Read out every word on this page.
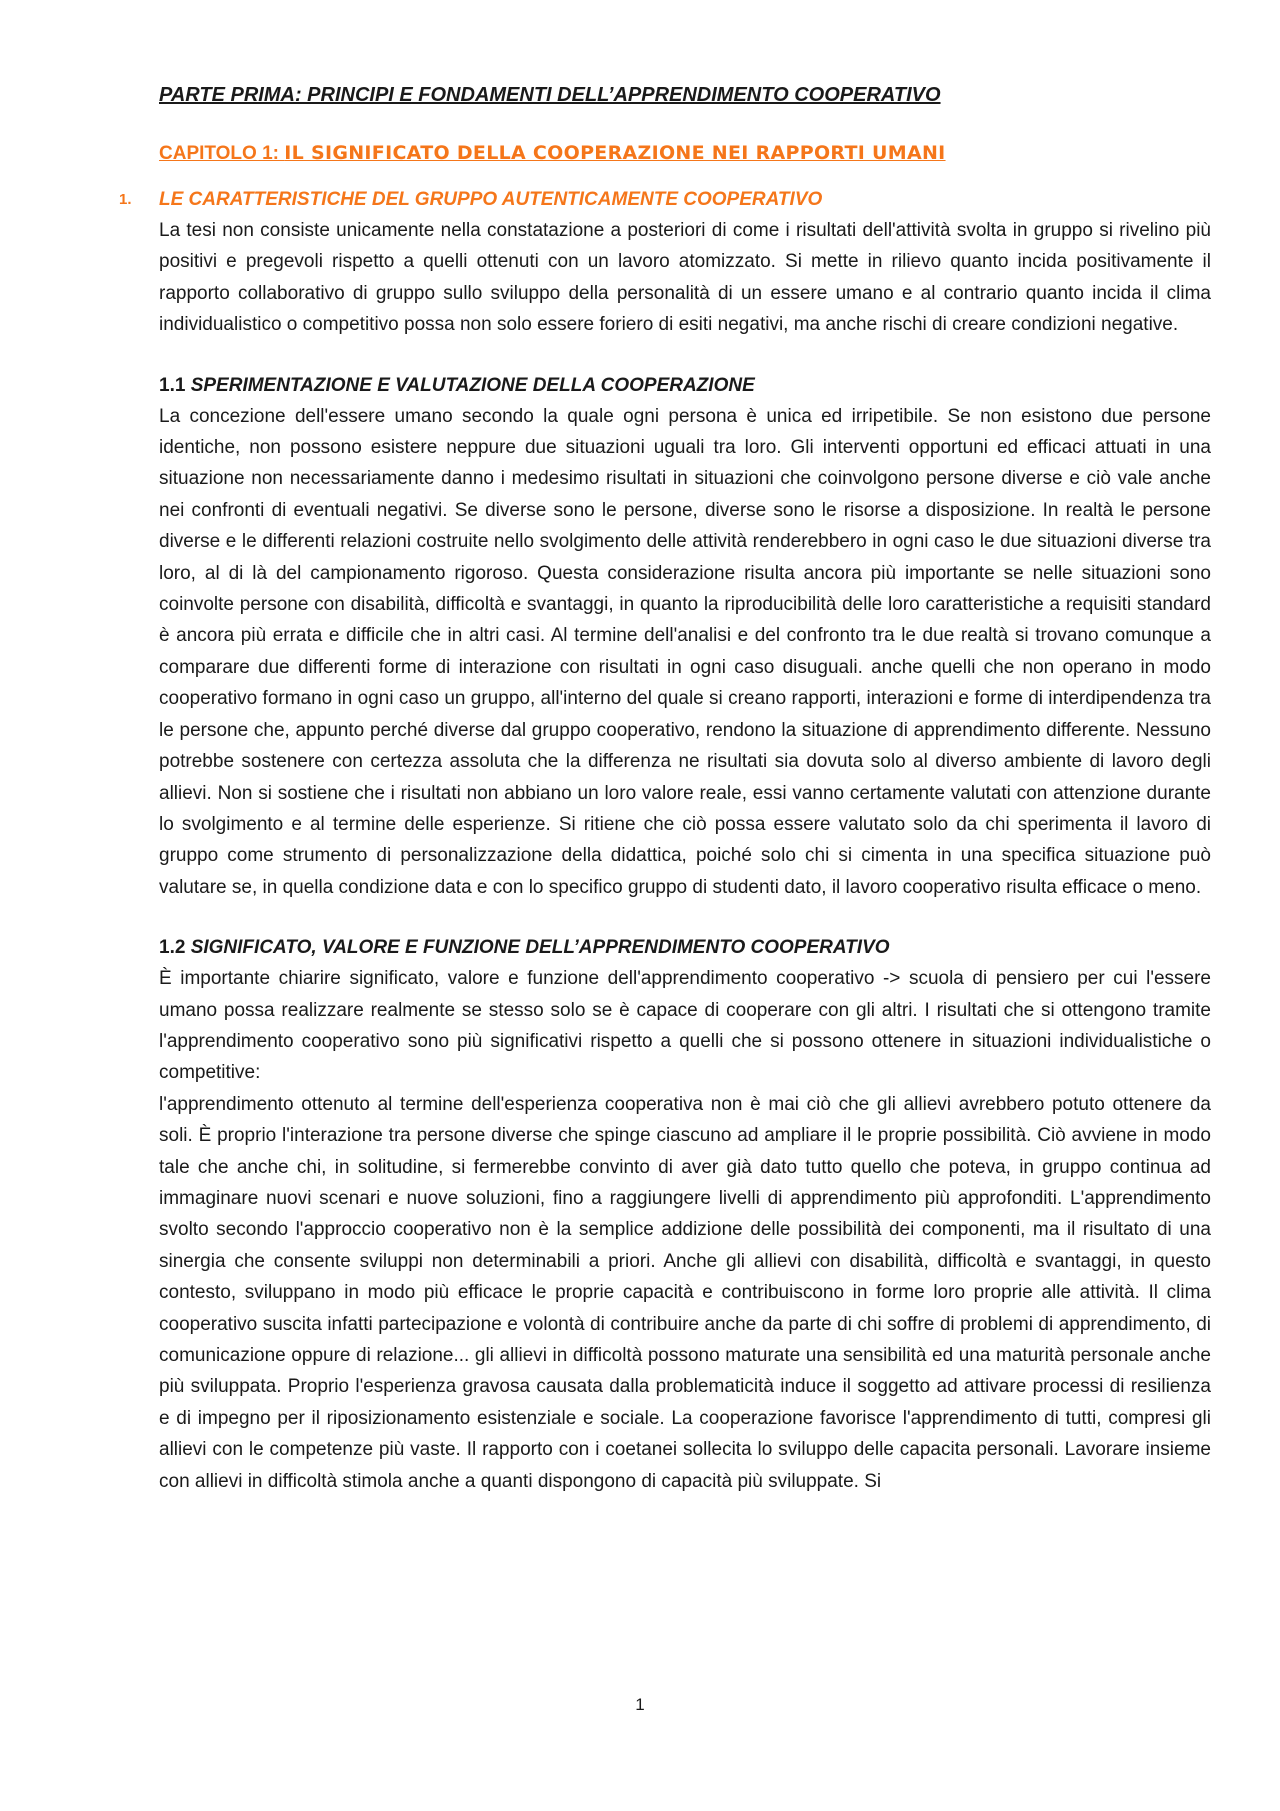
PARTE PRIMA: PRINCIPI E FONDAMENTI DELL’APPRENDIMENTO COOPERATIVO
CAPITOLO 1: IL SIGNIFICATO DELLA COOPERAZIONE NEI RAPPORTI UMANI
1. LE CARATTERISTICHE DEL GRUPPO AUTENTICAMENTE COOPERATIVO

La tesi non consiste unicamente nella constatazione a posteriori di come i risultati dell'attività svolta in gruppo si rivelino più positivi e pregevoli rispetto a quelli ottenuti con un lavoro atomizzato. Si mette in rilievo quanto incida positivamente il rapporto collaborativo di gruppo sullo sviluppo della personalità di un essere umano e al contrario quanto incida il clima individualistico o competitivo possa non solo essere foriero di esiti negativi, ma anche rischi di creare condizioni negative.

1.1 SPERIMENTAZIONE E VALUTAZIONE DELLA COOPERAZIONE

La concezione dell'essere umano secondo la quale ogni persona è unica ed irripetibile. Se non esistono due persone identiche, non possono esistere neppure due situazioni uguali tra loro. Gli interventi opportuni ed efficaci attuati in una situazione non necessariamente danno i medesimo risultati in situazioni che coinvolgono persone diverse e ciò vale anche nei confronti di eventuali negativi. Se diverse sono le persone, diverse sono le risorse a disposizione. In realtà le persone diverse e le differenti relazioni costruite nello svolgimento delle attività renderebbero in ogni caso le due situazioni diverse tra loro, al di là del campionamento rigoroso. Questa considerazione risulta ancora più importante se nelle situazioni sono coinvolte persone con disabilità, difficoltà e svantaggi, in quanto la riproducibilità delle loro caratteristiche a requisiti standard è ancora più errata e difficile che in altri casi. Al termine dell'analisi e del confronto tra le due realtà si trovano comunque a comparare due differenti forme di interazione con risultati in ogni caso disuguali. anche quelli che non operano in modo cooperativo formano in ogni caso un gruppo, all'interno del quale si creano rapporti, interazioni e forme di interdipendenza tra le persone che, appunto perché diverse dal gruppo cooperativo, rendono la situazione di apprendimento differente. Nessuno potrebbe sostenere con certezza assoluta che la differenza ne risultati sia dovuta solo al diverso ambiente di lavoro degli allievi. Non si sostiene che i risultati non abbiano un loro valore reale, essi vanno certamente valutati con attenzione durante lo svolgimento e al termine delle esperienze. Si ritiene che ciò possa essere valutato solo da chi sperimenta il lavoro di gruppo come strumento di personalizzazione della didattica, poiché solo chi si cimenta in una specifica situazione può valutare se, in quella condizione data e con lo specifico gruppo di studenti dato, il lavoro cooperativo risulta efficace o meno.

1.2 SIGNIFICATO, VALORE E FUNZIONE DELL’APPRENDIMENTO COOPERATIVO

È importante chiarire significato, valore e funzione dell'apprendimento cooperativo -> scuola di pensiero per cui l'essere umano possa realizzare realmente se stesso solo se è capace di cooperare con gli altri. I risultati che si ottengono tramite l'apprendimento cooperativo sono più significativi rispetto a quelli che si possono ottenere in situazioni individualistiche o competitive:

l'apprendimento ottenuto al termine dell'esperienza cooperativa non è mai ciò che gli allievi avrebbero potuto ottenere da soli. È proprio l'interazione tra persone diverse che spinge ciascuno ad ampliare il le proprie possibilità. Ciò avviene in modo tale che anche chi, in solitudine, si fermerebbe convinto di aver già dato tutto quello che poteva, in gruppo continua ad immaginare nuovi scenari e nuove soluzioni, fino a raggiungere livelli di apprendimento più approfonditi. L'apprendimento svolto secondo l'approccio cooperativo non è la semplice addizione delle possibilità dei componenti, ma il risultato di una sinergia che consente sviluppi non determinabili a priori. Anche gli allievi con disabilità, difficoltà e svantaggi, in questo contesto, sviluppano in modo più efficace le proprie capacità e contribuiscono in forme loro proprie alle attività. Il clima cooperativo suscita infatti partecipazione e volontà di contribuire anche da parte di chi soffre di problemi di apprendimento, di comunicazione oppure di relazione... gli allievi in difficoltà possono maturate una sensibilità ed una maturità personale anche più sviluppata. Proprio l'esperienza gravosa causata dalla problematicità induce il soggetto ad attivare processi di resilienza e di impegno per il riposizionamento esistenziale e sociale. La cooperazione favorisce l'apprendimento di tutti, compresi gli allievi con le competenze più vaste. Il rapporto con i coetanei sollecita lo sviluppo delle capacita personali. Lavorare insieme con allievi in difficoltà stimola anche a quanti dispongono di capacità più sviluppate. Si

1
